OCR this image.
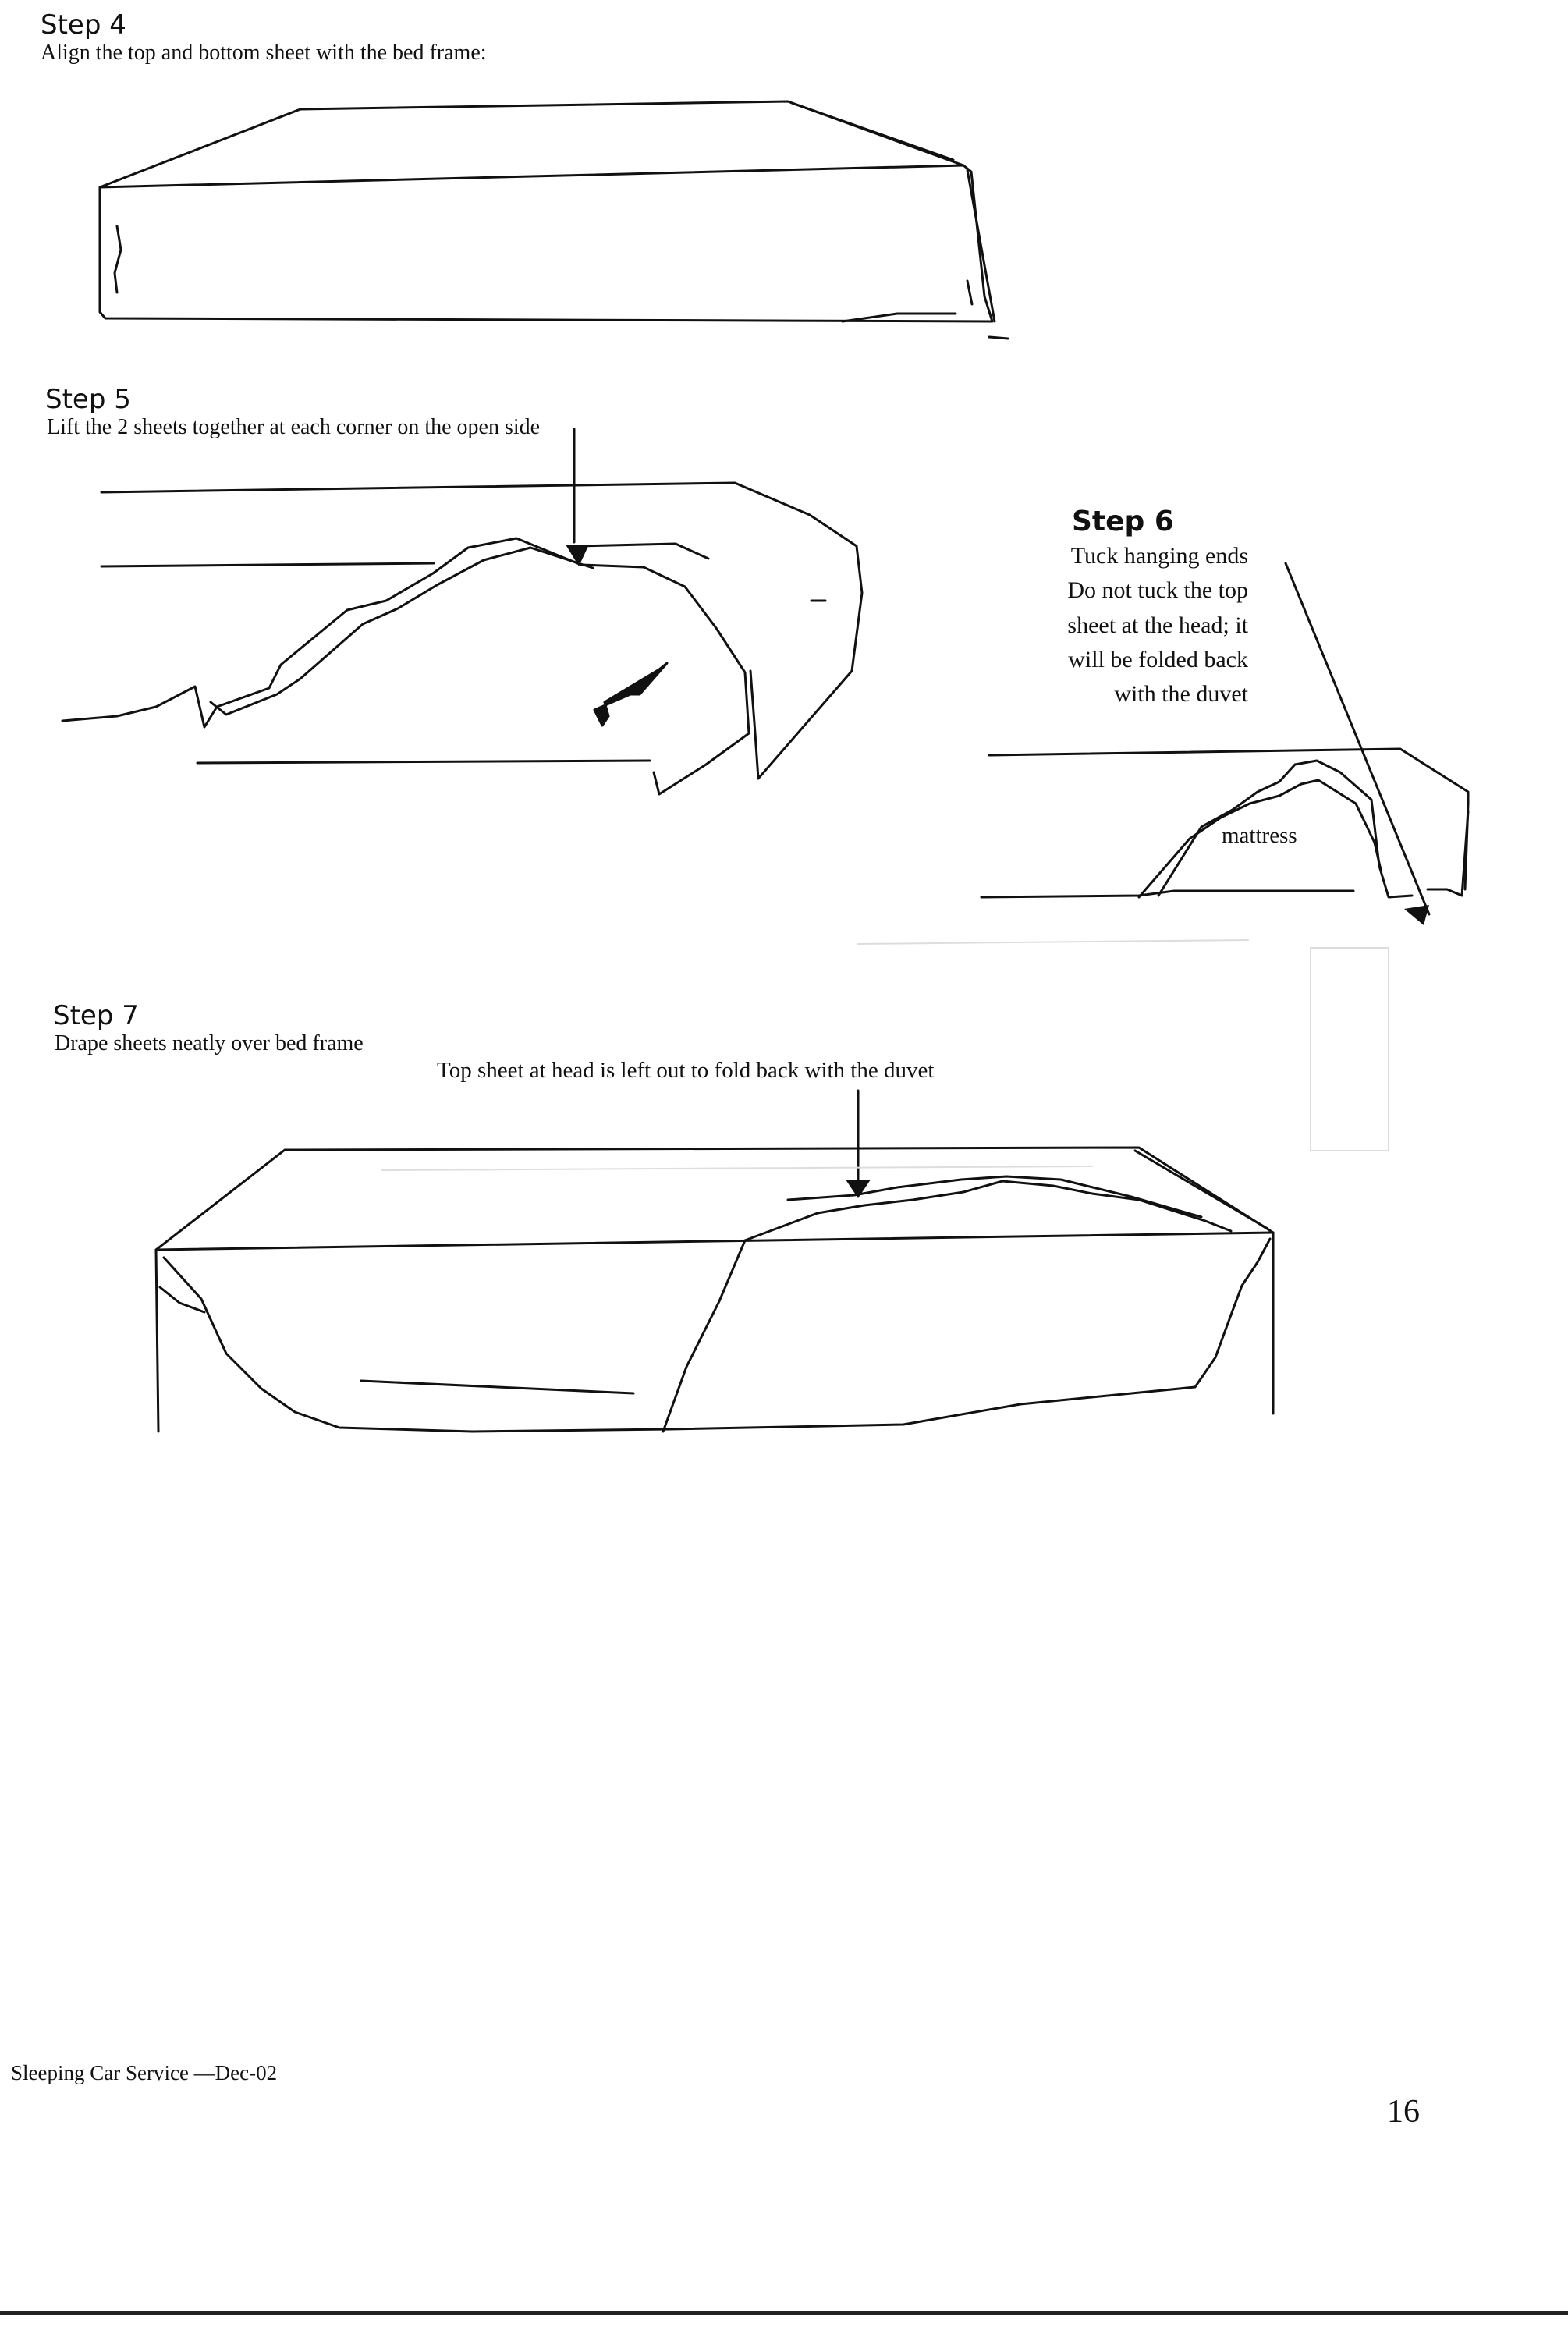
Step 4
Align the top and bottom sheet with the bed frame:
Step 5
Lift the 2 sheets together at each corner on the open side
Step 6
Tuck hanging ends
Do not tuck the top
sheet at the head; it
will be folded back
with the duvet
mattress
Step 7
Drape sheets neatly over bed frame
Top sheet at head is left out to fold back with the duvet
Sleeping Car Service —Dec-02
16
